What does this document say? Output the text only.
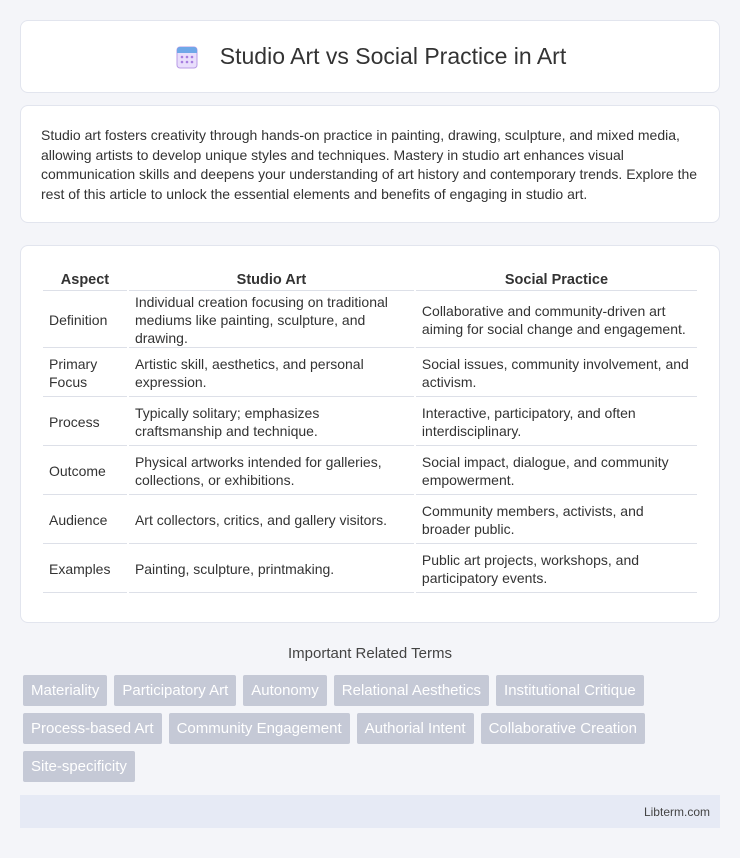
Studio Art vs Social Practice in Art

Studio art fosters creativity through hands-on practice in painting, drawing, sculpture, and mixed media, allowing artists to develop unique styles and techniques. Mastery in studio art enhances visual communication skills and deepens your understanding of art history and contemporary trends. Explore the rest of this article to unlock the essential elements and benefits of engaging in studio art.

Aspect	Studio Art	Social Practice
Definition	Individual creation focusing on traditional mediums like painting, sculpture, and drawing.	Collaborative and community-driven art aiming for social change and engagement.
Primary Focus	Artistic skill, aesthetics, and personal expression.	Social issues, community involvement, and activism.
Process	Typically solitary; emphasizes craftsmanship and technique.	Interactive, participatory, and often interdisciplinary.
Outcome	Physical artworks intended for galleries, collections, or exhibitions.	Social impact, dialogue, and community empowerment.
Audience	Art collectors, critics, and gallery visitors.	Community members, activists, and broader public.
Examples	Painting, sculpture, printmaking.	Public art projects, workshops, and participatory events.
Important Related Terms
Materiality	Participatory Art	Autonomy	Relational Aesthetics	Institutional Critique
Process-based Art	Community Engagement	Authorial Intent	Collaborative Creation
Site-specificity
Libterm.com
